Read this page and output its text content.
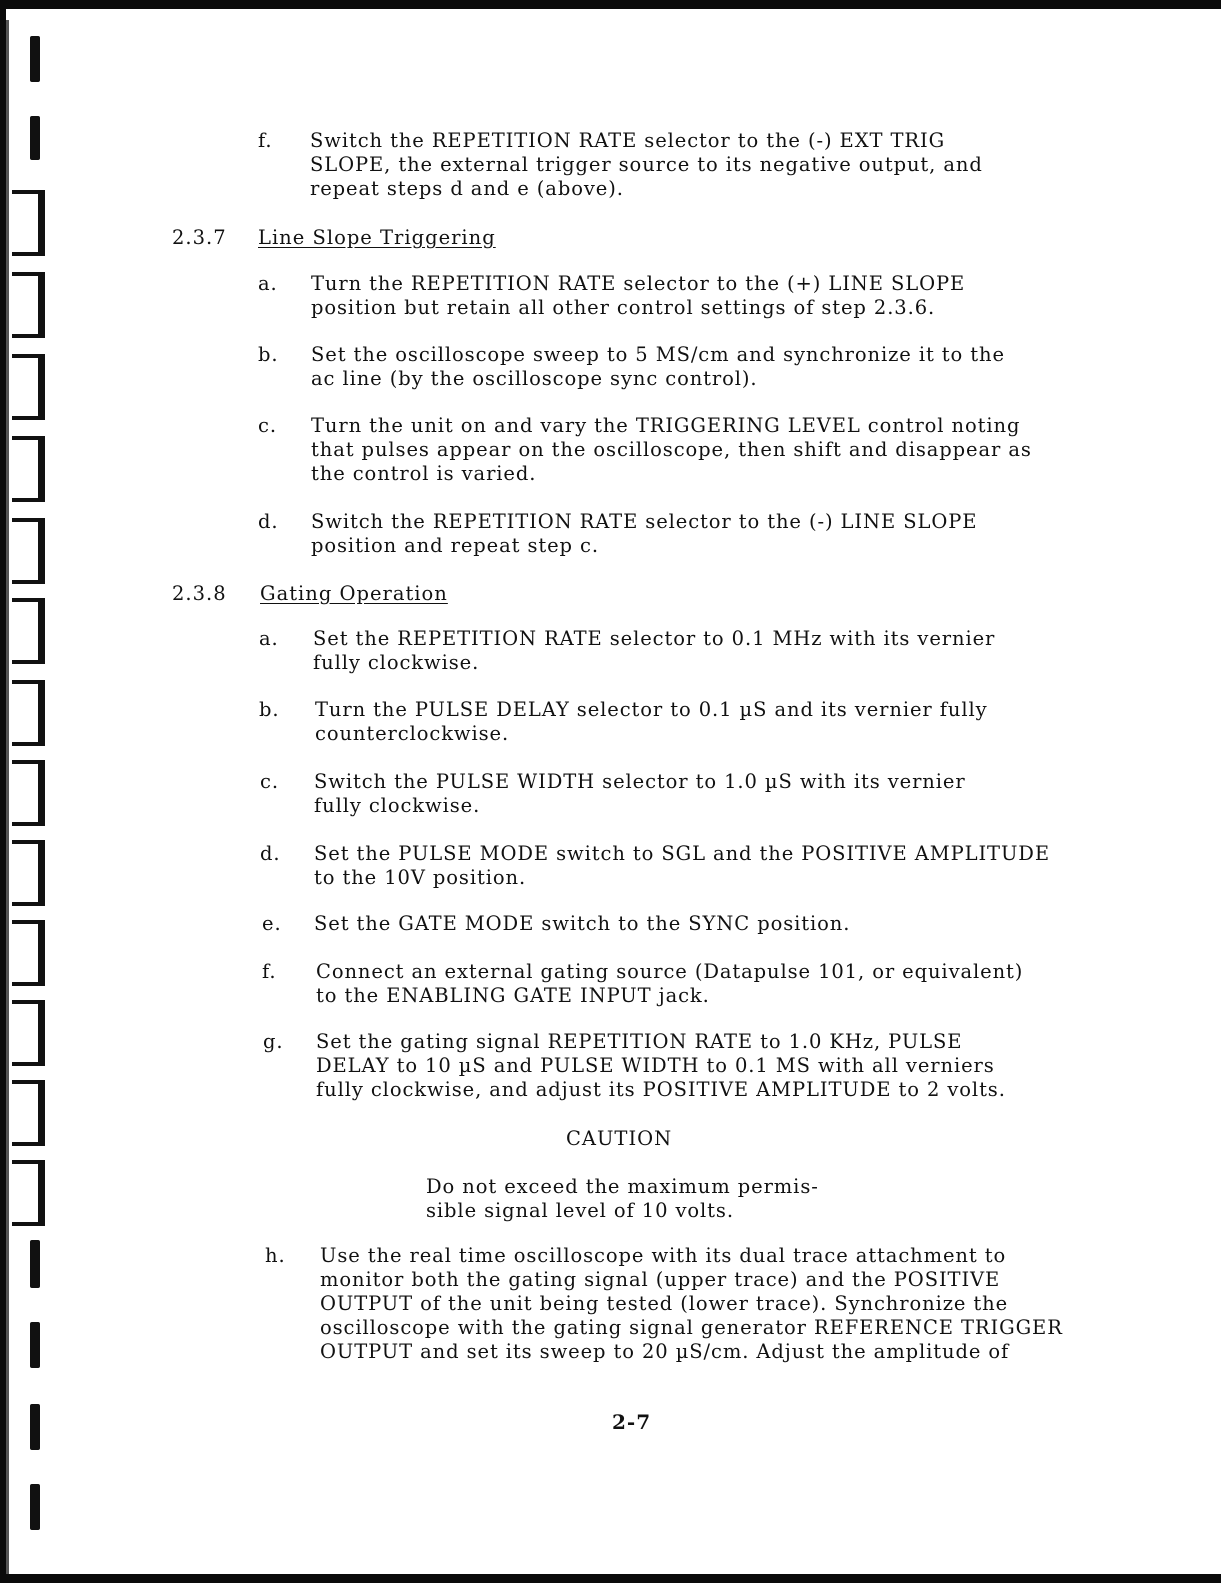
f. Switch the REPETITION RATE selector to the (-) EXT TRIG
SLOPE, the external trigger source to its negative output, and
repeat steps d and e (above).
2.3.7 Line Slope Triggering
a. Turn the REPETITION RATE selector to the (+) LINE SLOPE
position but retain all other control settings of step 2.3.6.
b. Set the oscilloscope sweep to 5 MS/cm and synchronize it to the
ac line (by the oscilloscope sync control).
c. Turn the unit on and vary the TRIGGERING LEVEL control noting
that pulses appear on the oscilloscope, then shift and disappear as
the control is varied.
d. Switch the REPETITION RATE selector to the (-) LINE SLOPE
position and repeat step c.
2.3.8 Gating Operation
a. Set the REPETITION RATE selector to 0.1 MHz with its vernier
fully clockwise.
b. Turn the PULSE DELAY selector to 0.1 µS and its vernier fully
counterclockwise.
c. Switch the PULSE WIDTH selector to 1.0 µS with its vernier
fully clockwise.
d. Set the PULSE MODE switch to SGL and the POSITIVE AMPLITUDE
to the 10V position.
e. Set the GATE MODE switch to the SYNC position.
f. Connect an external gating source (Datapulse 101, or equivalent)
to the ENABLING GATE INPUT jack.
g. Set the gating signal REPETITION RATE to 1.0 KHz, PULSE
DELAY to 10 µS and PULSE WIDTH to 0.1 MS with all verniers
fully clockwise, and adjust its POSITIVE AMPLITUDE to 2 volts.
CAUTION
Do not exceed the maximum permis-
sible signal level of 10 volts.
h. Use the real time oscilloscope with its dual trace attachment to
monitor both the gating signal (upper trace) and the POSITIVE
OUTPUT of the unit being tested (lower trace). Synchronize the
oscilloscope with the gating signal generator REFERENCE TRIGGER
OUTPUT and set its sweep to 20 µS/cm. Adjust the amplitude of
2-7
